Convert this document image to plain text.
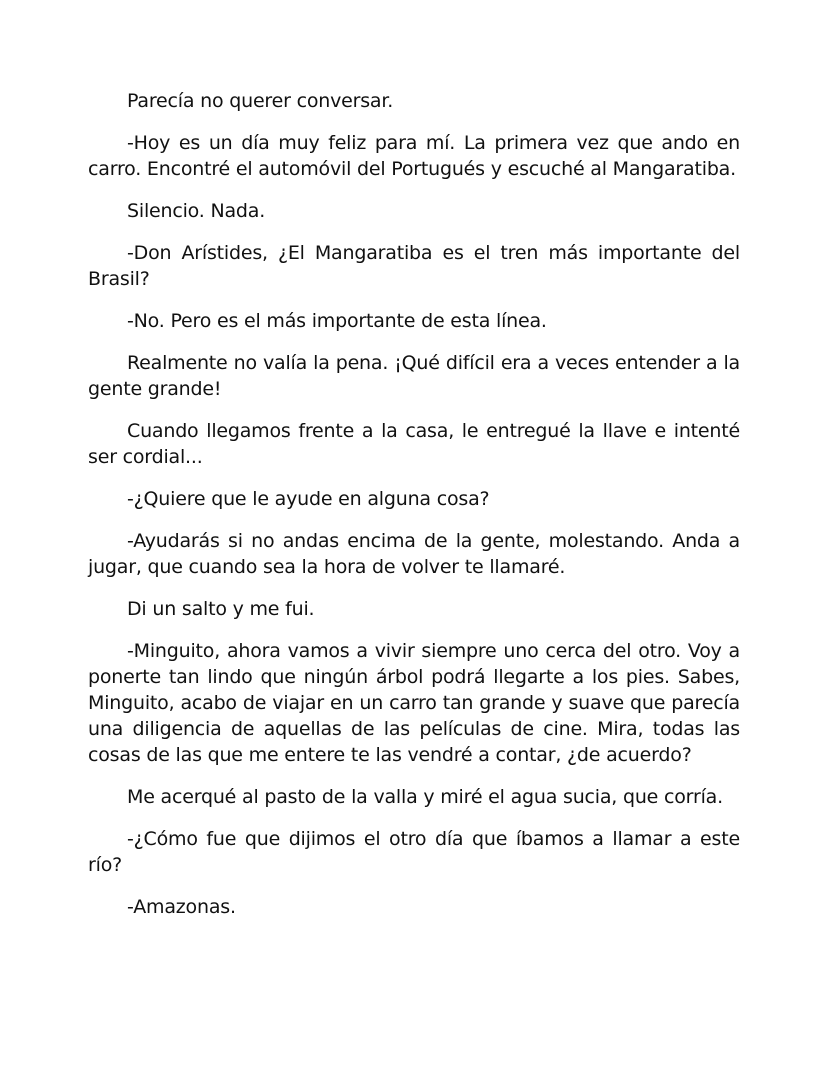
Parecía no querer conversar.

-Hoy es un día muy feliz para mí. La primera vez que ando en carro. Encontré el automóvil del Portugués y escuché al Mangaratiba.

Silencio. Nada.

-Don Arístides, ¿El Mangaratiba es el tren más importante del Brasil?

-No. Pero es el más importante de esta línea.

Realmente no valía la pena. ¡Qué difícil era a veces entender a la gente grande!

Cuando llegamos frente a la casa, le entregué la llave e intenté ser cordial...

-¿Quiere que le ayude en alguna cosa?

-Ayudarás si no andas encima de la gente, molestando. Anda a jugar, que cuando sea la hora de volver te llamaré.

Di un salto y me fui.

-Minguito, ahora vamos a vivir siempre uno cerca del otro. Voy a ponerte tan lindo que ningún árbol podrá llegarte a los pies. Sabes, Minguito, acabo de viajar en un carro tan grande y suave que parecía una diligencia de aquellas de las películas de cine. Mira, todas las cosas de las que me entere te las vendré a contar, ¿de acuerdo?

Me acerqué al pasto de la valla y miré el agua sucia, que corría.

-¿Cómo fue que dijimos el otro día que íbamos a llamar a este río?

-Amazonas.
